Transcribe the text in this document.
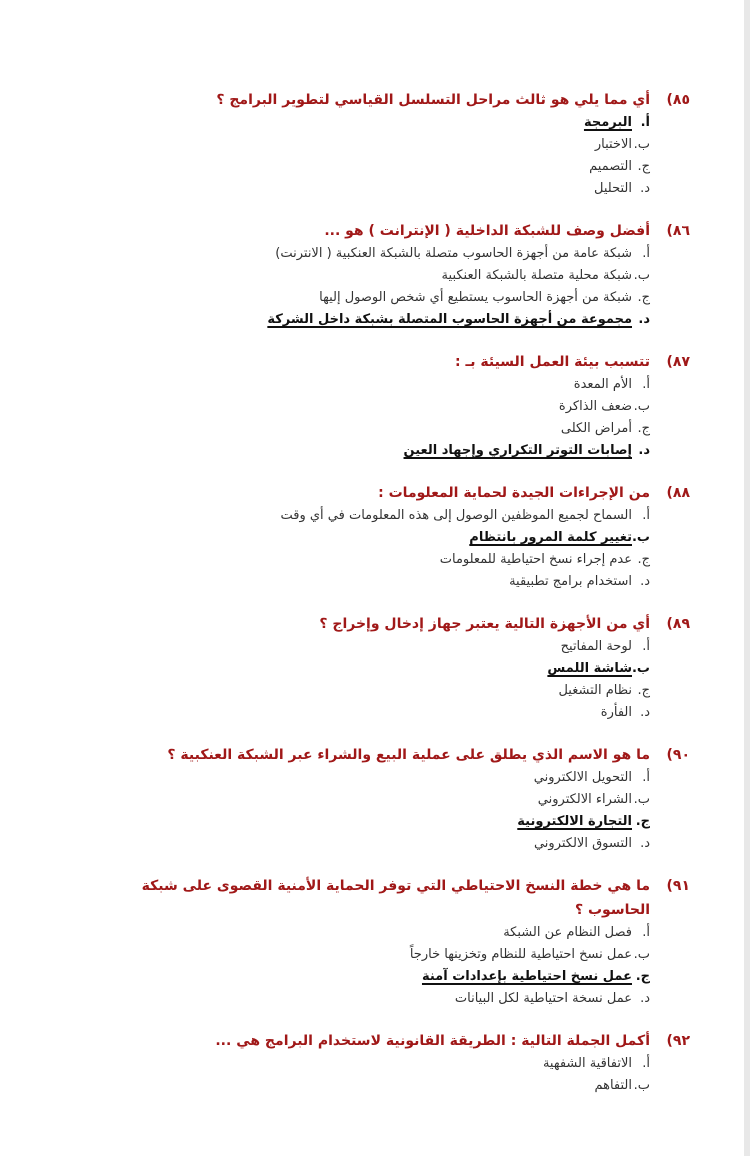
٨٥)
أي مما يلي هو ثالث مراحل التسلسل القياسي لتطوير البرامج ؟
أ.
البرمجة
ب.
الاختبار
ج.
التصميم
د.
التحليل
٨٦)
أفضل وصف للشبكة الداخلية ( الإنترانت ) هو ...
أ.
شبكة عامة من أجهزة الحاسوب متصلة بالشبكة العنكبية ( الانترنت)
ب.
شبكة محلية متصلة بالشبكة العنكبية
ج.
شبكة من أجهزة الحاسوب يستطيع أي شخص الوصول إليها
د.
مجموعة من أجهزة الحاسوب المتصلة بشبكة داخل الشركة
٨٧)
تتسبب بيئة العمل السيئة بـ :
أ.
الأم المعدة
ب.
ضعف الذاكرة
ج.
أمراض الكلى
د.
إصابات التوتر التكراري وإجهاد العين
٨٨)
من الإجراءات الجيدة لحماية المعلومات :
أ.
السماح لجميع الموظفين الوصول إلى هذه المعلومات في أي وقت
ب.
تغيير كلمة المرور بانتظام
ج.
عدم إجراء نسخ احتياطية للمعلومات
د.
استخدام برامج تطبيقية
٨٩)
أي من الأجهزة التالية يعتبر جهاز إدخال وإخراج ؟
أ.
لوحة المفاتيح
ب.
شاشة اللمس
ج.
نظام التشغيل
د.
الفأرة
٩٠)
ما هو الاسم الذي يطلق على عملية البيع والشراء عبر الشبكة العنكبية ؟
أ.
التحويل الالكتروني
ب.
الشراء الالكتروني
ج.
التجارة الالكترونية
د.
التسوق الالكتروني
٩١)
ما هي خطة النسخ الاحتياطي التي توفر الحماية الأمنية القصوى على شبكة الحاسوب ؟
أ.
فصل النظام عن الشبكة
ب.
عمل نسخ احتياطية للنظام وتخزينها خارجاً
ج.
عمل نسخ احتياطية بإعدادات آمنة
د.
عمل نسخة احتياطية لكل البيانات
٩٢)
أكمل الجملة التالية : الطريقة القانونية لاستخدام البرامج هي ...
أ.
الاتفاقية الشفهية
ب.
التفاهم
